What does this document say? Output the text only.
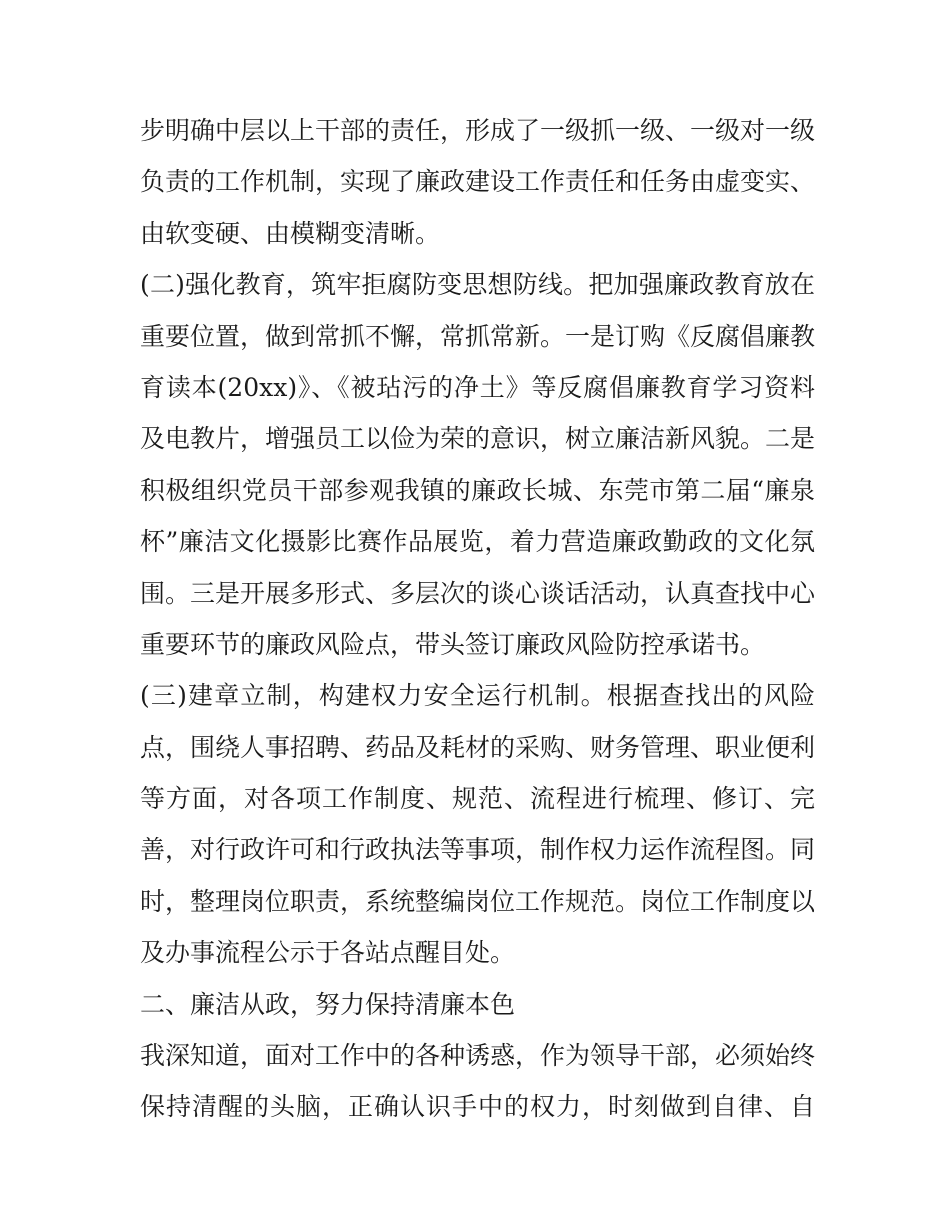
步明确中层以上干部的责任，形成了一级抓一级、一级对一级
负责的工作机制，实现了廉政建设工作责任和任务由虚变实、
由软变硬、由模糊变清晰。
(二)强化教育，筑牢拒腐防变思想防线。把加强廉政教育放在
重要位置，做到常抓不懈，常抓常新。一是订购《反腐倡廉教
育读本(20xx)》、《被玷污的净土》等反腐倡廉教育学习资料
及电教片，增强员工以俭为荣的意识，树立廉洁新风貌。二是
积极组织党员干部参观我镇的廉政长城、东莞市第二届“廉泉
杯”廉洁文化摄影比赛作品展览，着力营造廉政勤政的文化氛
围。三是开展多形式、多层次的谈心谈话活动，认真查找中心
重要环节的廉政风险点，带头签订廉政风险防控承诺书。
(三)建章立制，构建权力安全运行机制。根据查找出的风险
点，围绕人事招聘、药品及耗材的采购、财务管理、职业便利
等方面，对各项工作制度、规范、流程进行梳理、修订、完
善，对行政许可和行政执法等事项，制作权力运作流程图。同
时，整理岗位职责，系统整编岗位工作规范。岗位工作制度以
及办事流程公示于各站点醒目处。
二、廉洁从政，努力保持清廉本色
我深知道，面对工作中的各种诱惑，作为领导干部，必须始终
保持清醒的头脑，正确认识手中的权力，时刻做到自律、自
